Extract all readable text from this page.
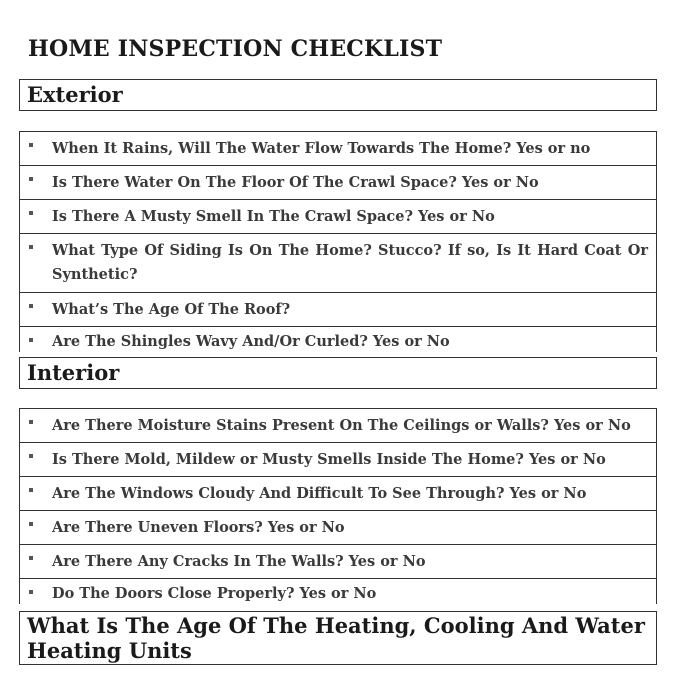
HOME INSPECTION CHECKLIST
Exterior
When It Rains, Will The Water Flow Towards The Home? Yes or no
Is There Water On The Floor Of The Crawl Space? Yes or No
Is There A Musty Smell In The Crawl Space? Yes or No
What Type Of Siding Is On The Home? Stucco? If so, Is It Hard Coat Or Synthetic?
What’s The Age Of The Roof?
Are The Shingles Wavy And/Or Curled? Yes or No
Interior
Are There Moisture Stains Present On The Ceilings or Walls? Yes or No
Is There Mold, Mildew or Musty Smells Inside The Home? Yes or No
Are The Windows Cloudy And Difficult To See Through? Yes or No
Are There Uneven Floors? Yes or No
Are There Any Cracks In The Walls? Yes or No
Do The Doors Close Properly? Yes or No
What Is The Age Of The Heating, Cooling And Water Heating Units
